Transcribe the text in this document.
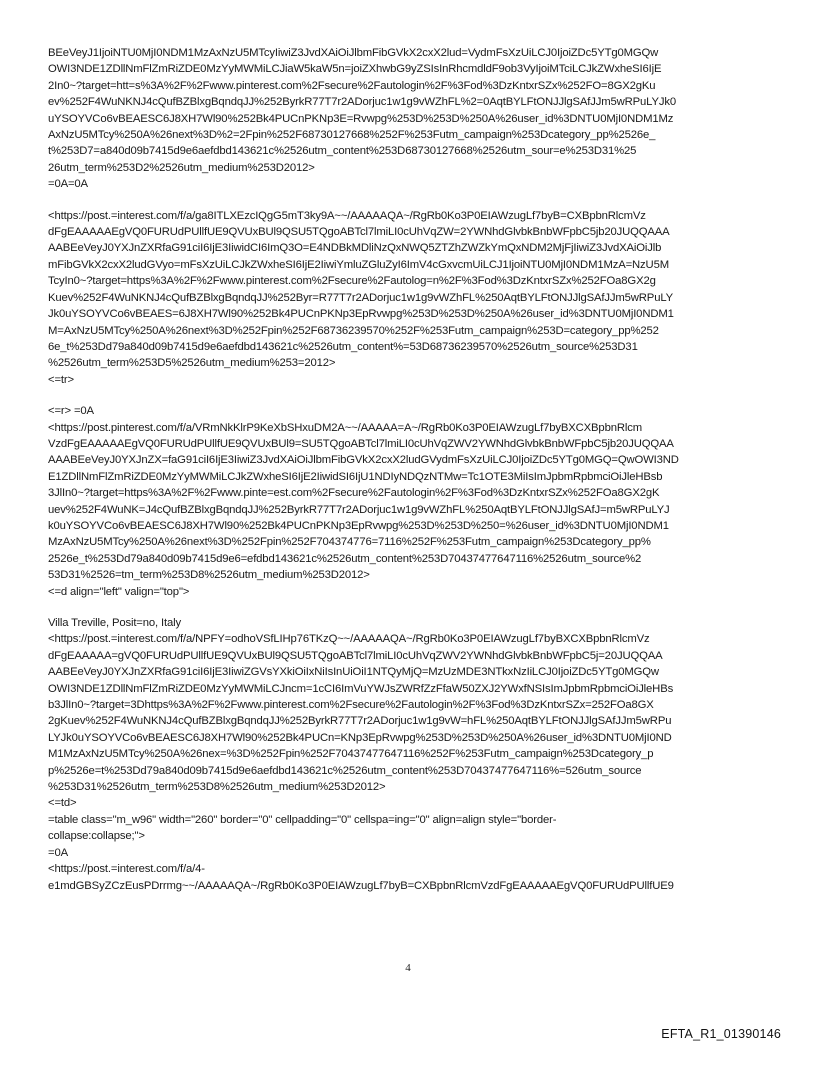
BEeVeyJ1IjoiNTU0MjI0NDM1MzAxNzU5MTcyIiwiZ3JvdXAiOiJlbmFibGVkX2cxX2lud=VydmFsXzUiLCJ0IjoiZDc5YTg0MGQw
OWI3NDE1ZDllNmFlZmRiZDE0MzYyMWMiLCJiaW5kaW5n=joiZXhwbG9yZSIsInRhcmdldF9ob3VyIjoiMTciLCJkZWxheSI6IjE
2In0~?target=htt=s%3A%2F%2Fwww.pinterest.com%2Fsecure%2Fautologin%2F%3Fod%3DzKntxrSZx%252FO=8GX2gKu
ev%252F4WuNKNJ4cQufBZBlxgBqndqJJ%252ByrkR77T7r2ADorjuc1w1g9vWZhFL%2=0AqtBYLFtONJJlgSAfJJm5wRPuLYJk0
uYSOYVCo6vBEAESC6J8XH7Wl90%252Bk4PUCnPKNp3E=Rvwpg%253D%253D%250A%26user_id%3DNTU0MjI0NDM1Mz
AxNzU5MTcy%250A%26next%3D%2=2Fpin%252F68730127668%252F%253Futm_campaign%253Dcategory_pp%2526e_
t%253D7=a840d09b7415d9e6aefdbd143621c%2526utm_content%253D68730127668%2526utm_sour=e%253D31%25
26utm_term%253D2%2526utm_medium%253D2012>
=0A=0A
<https://post.=interest.com/f/a/ga8ITLXEzcIQgG5mT3ky9A~~/AAAAAQA~/RgRb0Ko3P0EIAWzugLf7byB=CXBpbnRlcmVz
dFgEAAAAAEgVQ0FURUdPUllfUE9QVUxBUl9QSU5TQgoABTcl7lmiLI0cUhVqZW=2YWNhdGlvbkBnbWFpbC5jb20JUQQAAA
AABEeVeyJ0YXJnZXRfaG91ciI6IjE3IiwidCI6ImQ3O=E4NDBkMDliNzQxNWQ5ZTZhZWZkYmQxNDM2MjFjIiwiZ3JvdXAiOiJlb
mFibGVkX2cxX2ludGVyo=mFsXzUiLCJkZWxheSI6IjE2IiwiYmluZGluZyI6ImV4cGxvcmUiLCJ1IjoiNTU0MjI0NDM1MzA=NzU5M
TcyIn0~?target=https%3A%2F%2Fwww.pinterest.com%2Fsecure%2Fautolog=n%2F%3Fod%3DzKntxrSZx%252FOa8GX2g
Kuev%252F4WuNKNJ4cQufBZBlxgBqndqJJ%252Byr=R77T7r2ADorjuc1w1g9vWZhFL%250AqtBYLFtONJJlgSAfJJm5wRPuLY
Jk0uYSOYVCo6vBEAES=6J8XH7Wl90%252Bk4PUCnPKNp3EpRvwpg%253D%253D%250A%26user_id%3DNTU0MjI0NDM1
M=AxNzU5MTcy%250A%26next%3D%252Fpin%252F68736239570%252F%253Futm_campaign%253D=category_pp%252
6e_t%253Dd79a840d09b7415d9e6aefdbd143621c%2526utm_content%=53D68736239570%2526utm_source%253D31
%2526utm_term%253D5%2526utm_medium%253=2012>
<=tr>
<=r> =0A
<https://post.pinterest.com/f/a/VRmNkKlrP9KeXbSHxuDM2A~~/AAAAA=A~/RgRb0Ko3P0EIAWzugLf7byBXCXBpbnRlcm
VzdFgEAAAAAEgVQ0FURUdPUllfUE9QVUxBUl9=SU5TQgoABTcl7lmiLI0cUhVqZWV2YWNhdGlvbkBnbWFpbC5jb20JUQQAA
AAABEeVeyJ0YXJnZX=faG91ciI6IjE3IiwiZ3JvdXAiOiJlbmFibGVkX2cxX2ludGVydmFsXzUiLCJ0IjoiZDc5YTg0MGQ=QwOWI3ND
E1ZDllNmFlZmRiZDE0MzYyMWMiLCJkZWxheSI6IjE2IiwidSI6IjU1NDIyNDQzNTMw=Tc1OTE3MiIsImJpbmRpbmciOiJleHBsb
3JlIn0~?target=https%3A%2F%2Fwww.pinte=est.com%2Fsecure%2Fautologin%2F%3Fod%3DzKntxrSZx%252FOa8GX2gK
uev%252F4WuNK=J4cQufBZBlxgBqndqJJ%252ByrkR77T7r2ADorjuc1w1g9vWZhFL%250AqtBYLFtONJJlgSAfJ=m5wRPuLYJ
k0uYSOYVCo6vBEAESC6J8XH7Wl90%252Bk4PUCnPKNp3EpRvwpg%253D%253D%250=%26user_id%3DNTU0MjI0NDM1
MzAxNzU5MTcy%250A%26next%3D%252Fpin%252F704374776=7116%252F%253Futm_campaign%253Dcategory_pp%
2526e_t%253Dd79a840d09b7415d9e6=efdbd143621c%2526utm_content%253D70437477647116%2526utm_source%2
53D31%2526=tm_term%253D8%2526utm_medium%253D2012>
<=d align="left" valign="top">
Villa Treville, Posit=no, Italy
<https://post.=interest.com/f/a/NPFY=odhoVSfLIHp76TKzQ~~/AAAAAQA~/RgRb0Ko3P0EIAWzugLf7byBXCXBpbnRlcmVz
dFgEAAAAA=gVQ0FURUdPUllfUE9QVUxBUl9QSU5TQgoABTcl7lmiLI0cUhVqZWV2YWNhdGlvbkBnbWFpbC5j=20JUQQAA
AABEeVeyJ0YXJnZXRfaG91ciI6IjE3IiwiZGVsYXkiOiIxNiIsInUiOiI1NTQyMjQ=MzUzMDE3NTkxNzIiLCJ0IjoiZDc5YTg0MGQw
OWI3NDE1ZDllNmFlZmRiZDE0MzYyMWMiLCJncm=1cCI6ImVuYWJsZWRfZzFfaW50ZXJ2YWxfNSIsImJpbmRpbmciOiJleHBs
b3JlIn0~?target=3Dhttps%3A%2F%2Fwww.pinterest.com%2Fsecure%2Fautologin%2F%3Fod%3DzKntxrSZx=252FOa8GX
2gKuev%252F4WuNKNJ4cQufBZBlxgBqndqJJ%252ByrkR77T7r2ADorjuc1w1g9vW=hFL%250AqtBYLFtONJJlgSAfJJm5wRPu
LYJk0uYSOYVCo6vBEAESC6J8XH7Wl90%252Bk4PUCn=KNp3EpRvwpg%253D%253D%250A%26user_id%3DNTU0MjI0ND
M1MzAxNzU5MTcy%250A%26nex=%3D%252Fpin%252F70437477647116%252F%253Futm_campaign%253Dcategory_p
p%2526e=t%253Dd79a840d09b7415d9e6aefdbd143621c%2526utm_content%253D70437477647116%=526utm_source
%253D31%2526utm_term%253D8%2526utm_medium%253D2012>
<=td>
=table class="m_w96" width="260" border="0" cellpadding="0" cellspa=ing="0" align=align style="border-
collapse:collapse;">
=0A
<https://post.=interest.com/f/a/4-
e1mdGBSyZCzEusPDrrmg~~/AAAAAQA~/RgRb0Ko3P0EIAWzugLf7byB=CXBpbnRlcmVzdFgEAAAAAEgVQ0FURUdPUllfUE9
4
EFTA_R1_01390146
